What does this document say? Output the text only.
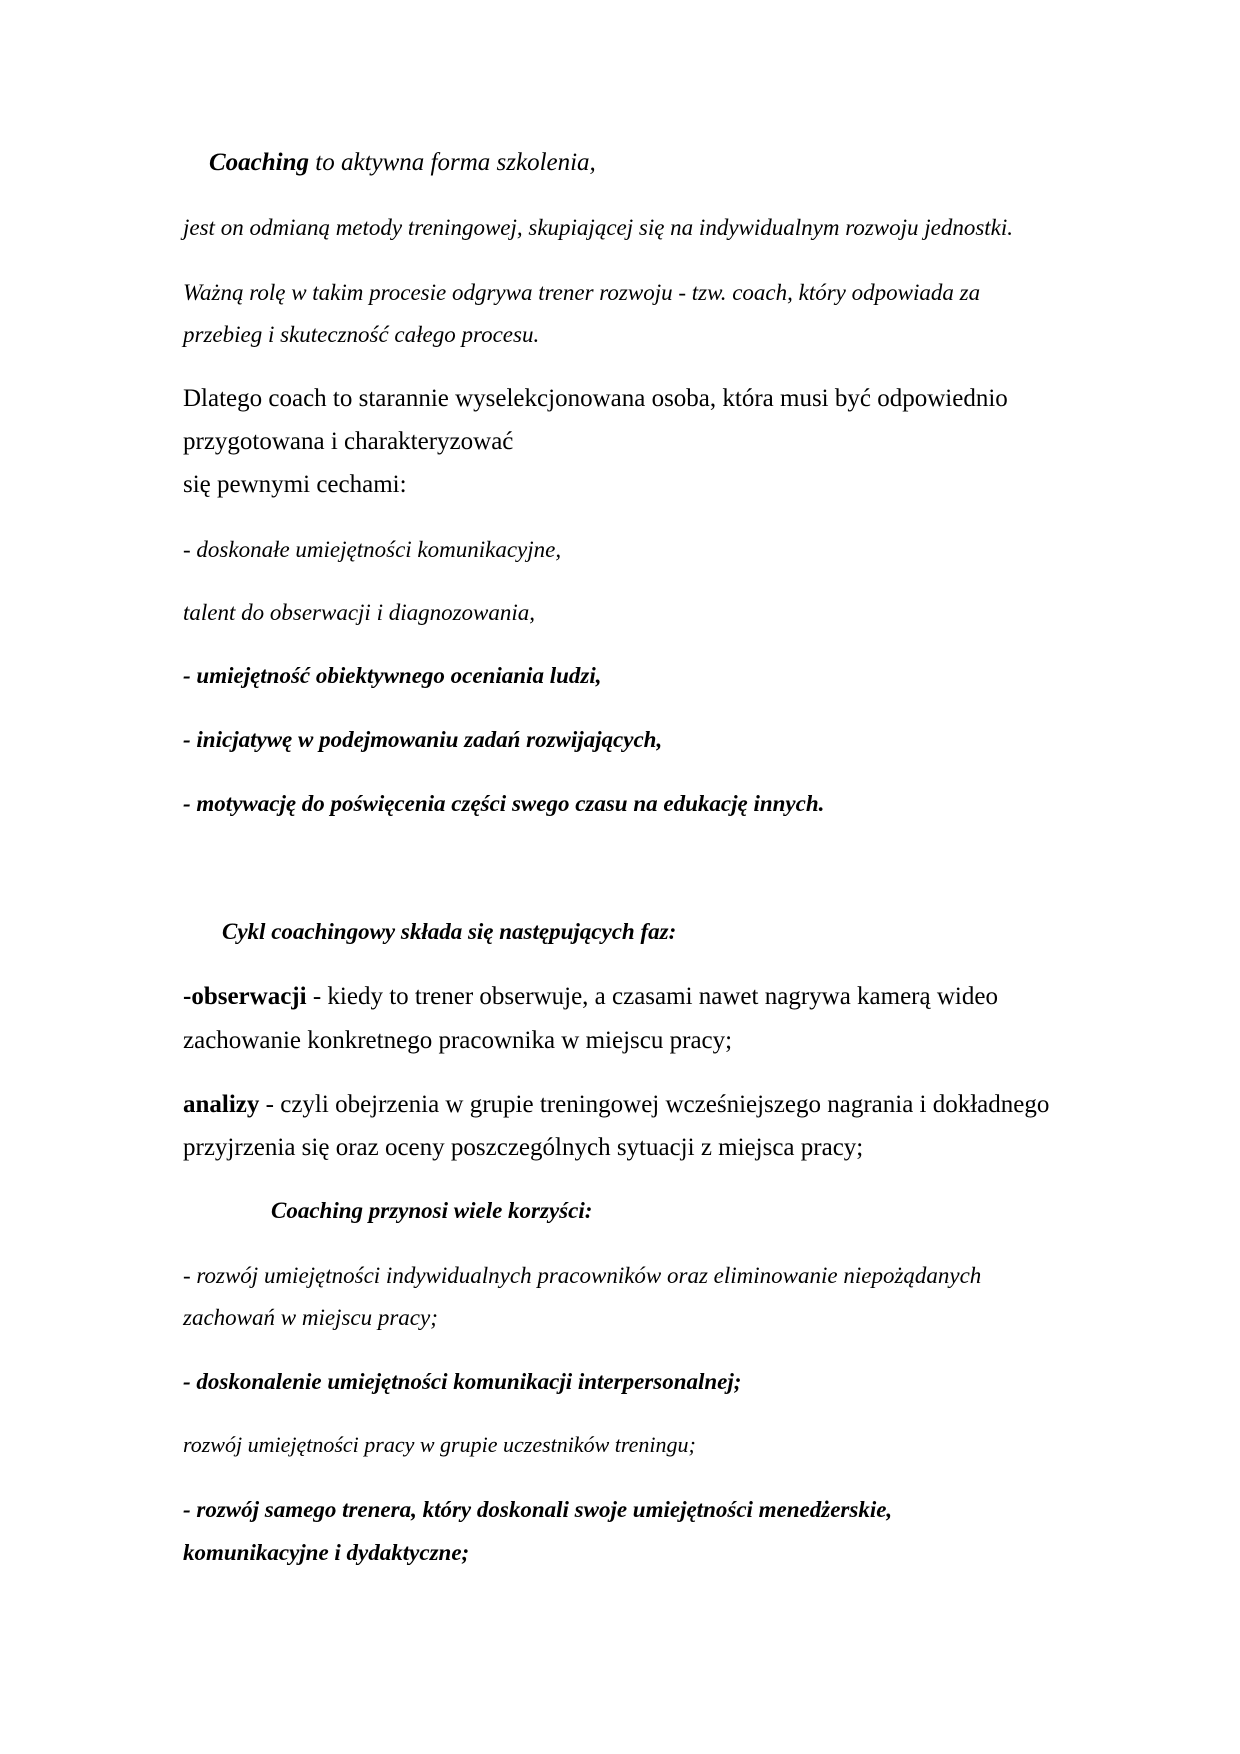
Coaching to aktywna forma szkolenia,
jest on odmianą metody treningowej, skupiającej się na indywidualnym rozwoju jednostki.
Ważną rolę w takim procesie odgrywa trener rozwoju - tzw. coach, który odpowiada za
przebieg i skuteczność całego procesu.
Dlatego coach to starannie wyselekcjonowana osoba, która musi być odpowiednio
przygotowana i charakteryzować
się pewnymi cechami:
- doskonałe umiejętności komunikacyjne,
talent do obserwacji i diagnozowania,
- umiejętność obiektywnego oceniania ludzi,
- inicjatywę w podejmowaniu zadań rozwijających,
- motywację do poświęcenia części swego czasu na edukację innych.
Cykl coachingowy składa się następujących faz:
-obserwacji - kiedy to trener obserwuje, a czasami nawet nagrywa kamerą wideo
zachowanie konkretnego pracownika w miejscu pracy;
analizy - czyli obejrzenia w grupie treningowej wcześniejszego nagrania i dokładnego
przyjrzenia się oraz oceny poszczególnych sytuacji z miejsca pracy;
Coaching przynosi wiele korzyści:
- rozwój umiejętności indywidualnych pracowników oraz eliminowanie niepożądanych
zachowań w miejscu pracy;
- doskonalenie umiejętności komunikacji interpersonalnej;
rozwój umiejętności pracy w grupie uczestników treningu;
- rozwój samego trenera, który doskonali swoje umiejętności menedżerskie,
komunikacyjne i dydaktyczne;
